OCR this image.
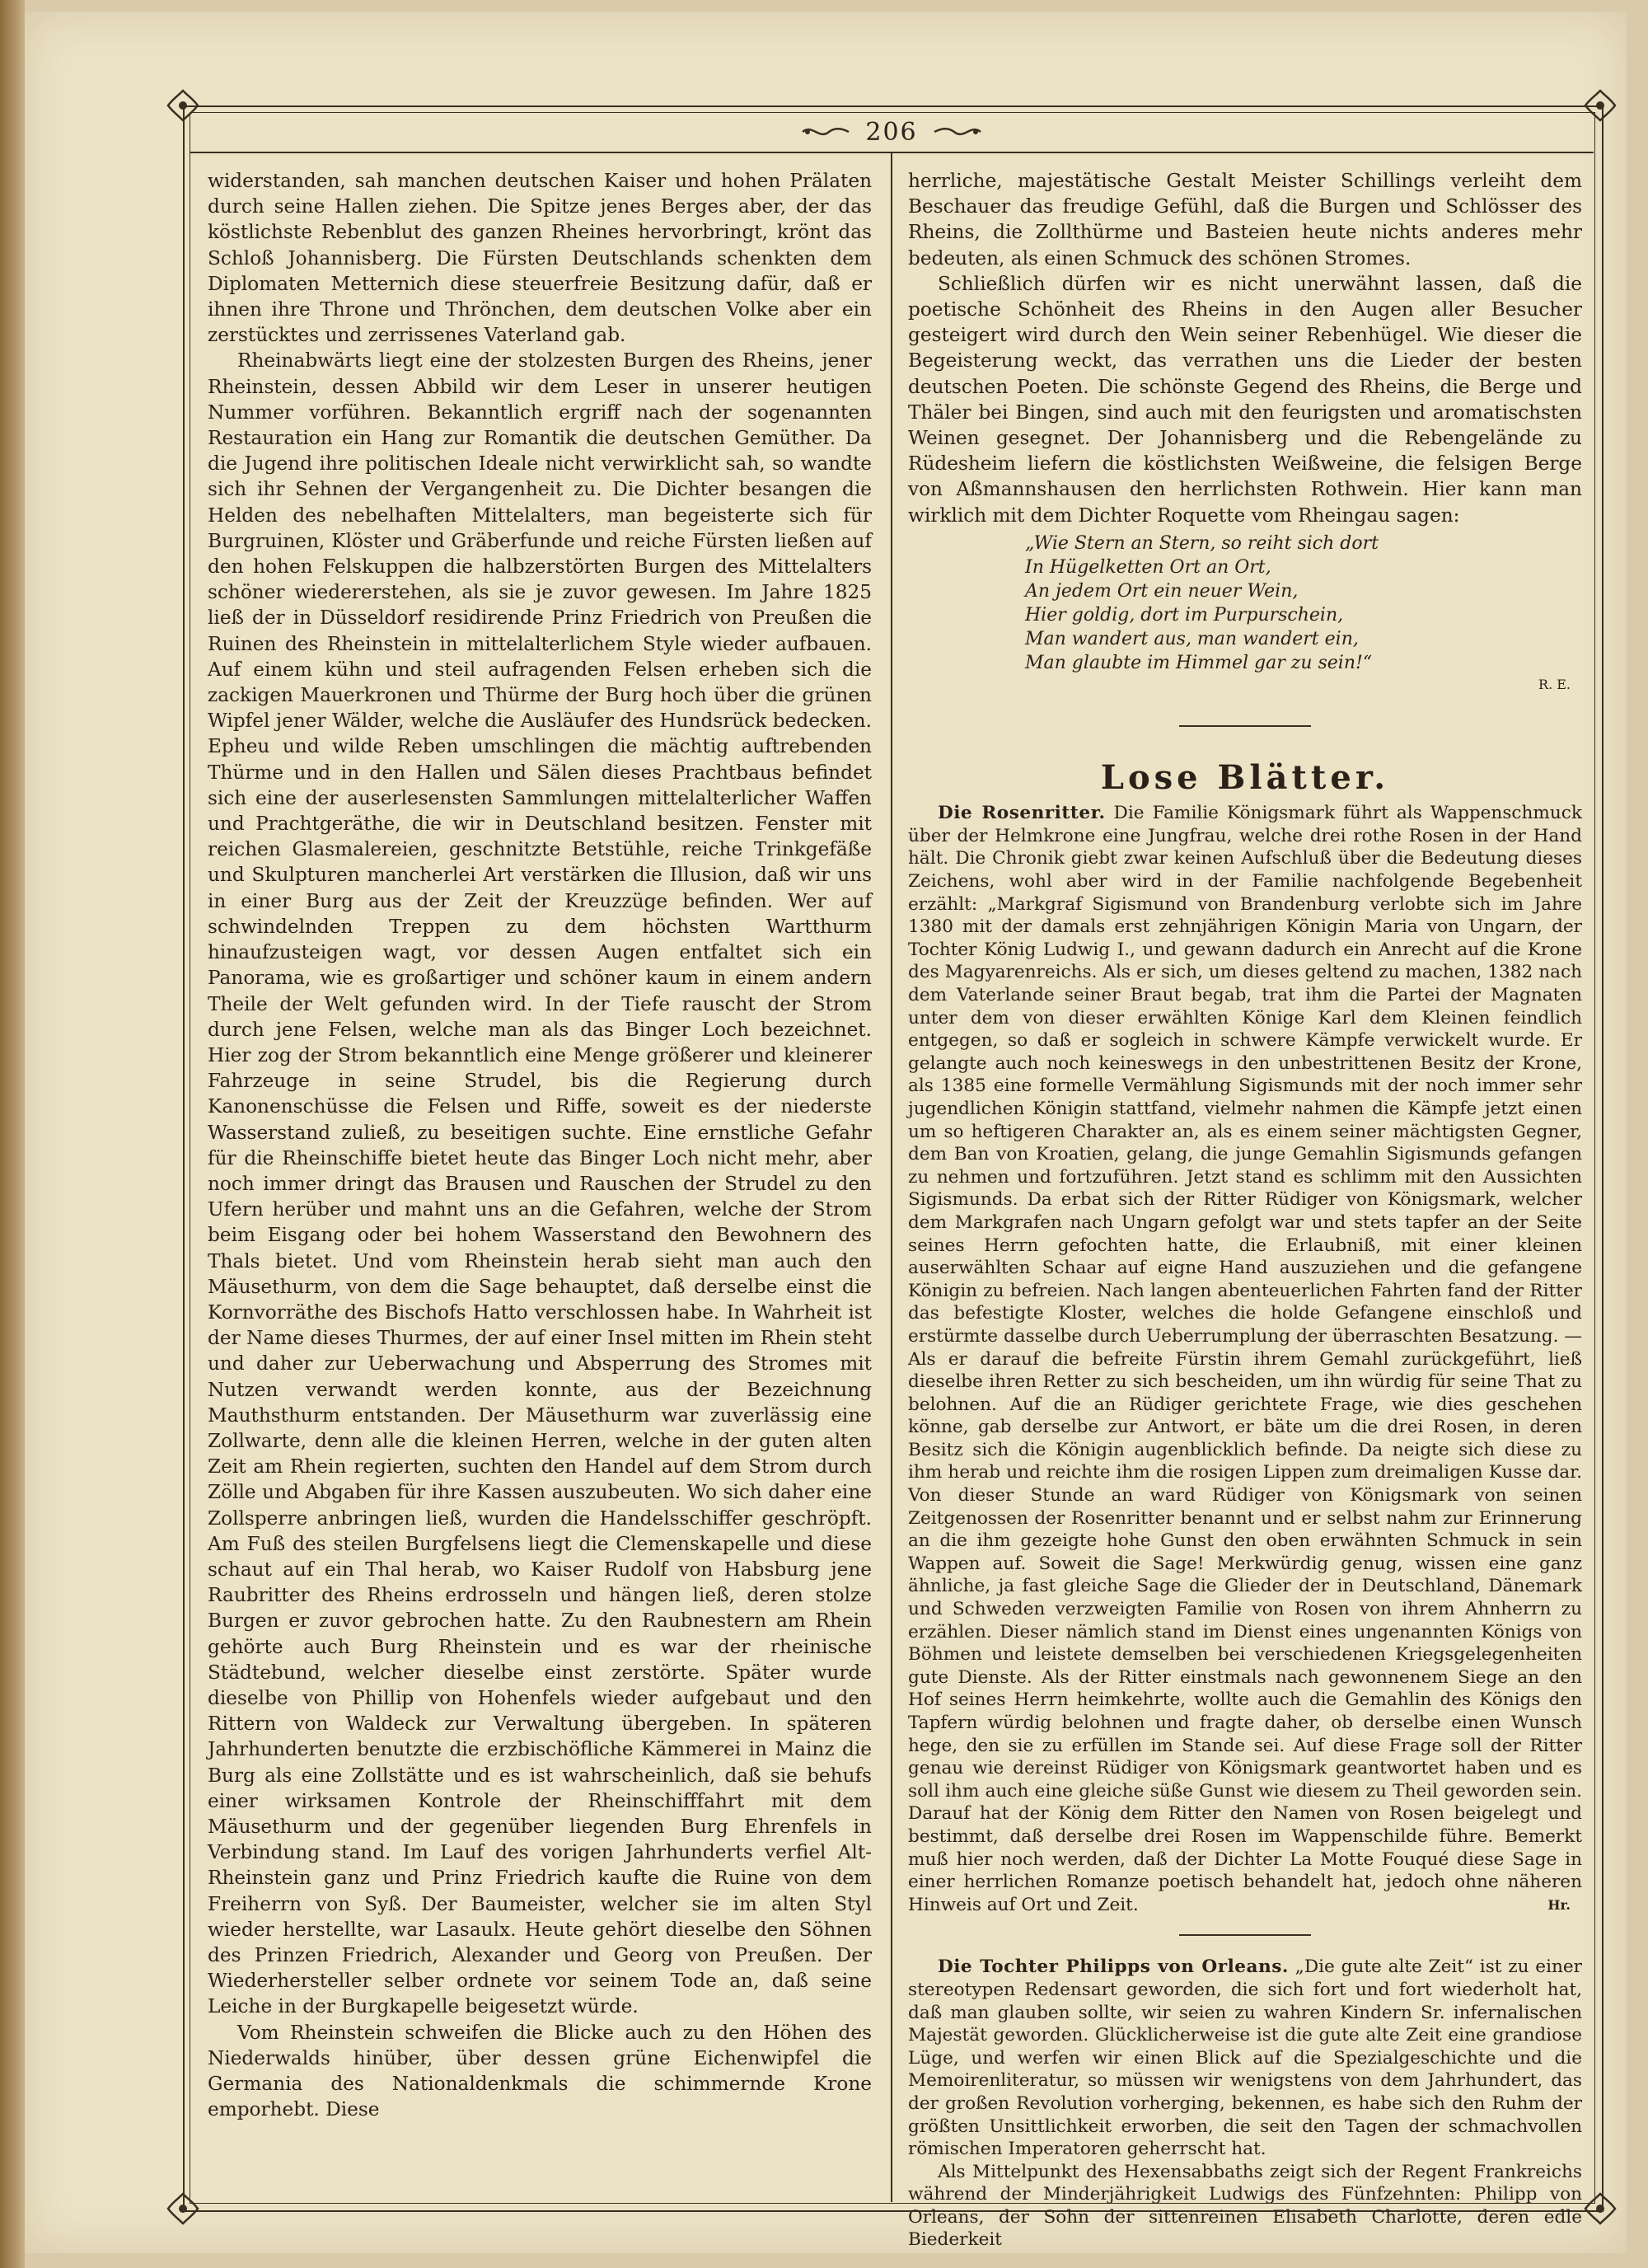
206

widerstanden, sah manchen deutschen Kaiser und hohen Prälaten durch seine Hallen ziehen. Die Spitze jenes Berges aber, der das köstlichste Rebenblut des ganzen Rheines hervorbringt, krönt das Schloß Johannisberg. Die Fürsten Deutschlands schenkten dem Diplomaten Metternich diese steuerfreie Besitzung dafür, daß er ihnen ihre Throne und Thrönchen, dem deutschen Volke aber ein zerstücktes und zerrissenes Vaterland gab.

Rheinabwärts liegt eine der stolzesten Burgen des Rheins, jener Rheinstein, dessen Abbild wir dem Leser in unserer heutigen Nummer vorführen. Bekanntlich ergriff nach der sogenannten Restauration ein Hang zur Romantik die deutschen Gemüther. Da die Jugend ihre politischen Ideale nicht verwirklicht sah, so wandte sich ihr Sehnen der Vergangenheit zu. Die Dichter besangen die Helden des nebelhaften Mittelalters, man begeisterte sich für Burgruinen, Klöster und Gräberfunde und reiche Fürsten ließen auf den hohen Felskuppen die halbzerstörten Burgen des Mittelalters schöner wiedererstehen, als sie je zuvor gewesen. Im Jahre 1825 ließ der in Düsseldorf residirende Prinz Friedrich von Preußen die Ruinen des Rheinstein in mittelalterlichem Style wieder aufbauen. Auf einem kühn und steil aufragenden Felsen erheben sich die zackigen Mauerkronen und Thürme der Burg hoch über die grünen Wipfel jener Wälder, welche die Ausläufer des Hundsrück bedecken. Epheu und wilde Reben umschlingen die mächtig auftrebenden Thürme und in den Hallen und Sälen dieses Prachtbaus befindet sich eine der auserlesensten Sammlungen mittelalterlicher Waffen und Prachtgeräthe, die wir in Deutschland besitzen. Fenster mit reichen Glasmalereien, geschnitzte Betstühle, reiche Trinkgefäße und Skulpturen mancherlei Art verstärken die Illusion, daß wir uns in einer Burg aus der Zeit der Kreuzzüge befinden. Wer auf schwindelnden Treppen zu dem höchsten Wartthurm hinaufzusteigen wagt, vor dessen Augen entfaltet sich ein Panorama, wie es großartiger und schöner kaum in einem andern Theile der Welt gefunden wird. In der Tiefe rauscht der Strom durch jene Felsen, welche man als das Binger Loch bezeichnet. Hier zog der Strom bekanntlich eine Menge größerer und kleinerer Fahrzeuge in seine Strudel, bis die Regierung durch Kanonenschüsse die Felsen und Riffe, soweit es der niederste Wasserstand zuließ, zu beseitigen suchte. Eine ernstliche Gefahr für die Rheinschiffe bietet heute das Binger Loch nicht mehr, aber noch immer dringt das Brausen und Rauschen der Strudel zu den Ufern herüber und mahnt uns an die Gefahren, welche der Strom beim Eisgang oder bei hohem Wasserstand den Bewohnern des Thals bietet. Und vom Rheinstein herab sieht man auch den Mäusethurm, von dem die Sage behauptet, daß derselbe einst die Kornvorräthe des Bischofs Hatto verschlossen habe. In Wahrheit ist der Name dieses Thurmes, der auf einer Insel mitten im Rhein steht und daher zur Ueberwachung und Absperrung des Stromes mit Nutzen verwandt werden konnte, aus der Bezeichnung Mauthsthurm entstanden. Der Mäusethurm war zuverlässig eine Zollwarte, denn alle die kleinen Herren, welche in der guten alten Zeit am Rhein regierten, suchten den Handel auf dem Strom durch Zölle und Abgaben für ihre Kassen auszubeuten. Wo sich daher eine Zollsperre anbringen ließ, wurden die Handelsschiffer geschröpft. Am Fuß des steilen Burgfelsens liegt die Clemenskapelle und diese schaut auf ein Thal herab, wo Kaiser Rudolf von Habsburg jene Raubritter des Rheins erdrosseln und hängen ließ, deren stolze Burgen er zuvor gebrochen hatte. Zu den Raubnestern am Rhein gehörte auch Burg Rheinstein und es war der rheinische Städtebund, welcher dieselbe einst zerstörte. Später wurde dieselbe von Phillip von Hohenfels wieder aufgebaut und den Rittern von Waldeck zur Verwaltung übergeben. In späteren Jahrhunderten benutzte die erzbischöfliche Kämmerei in Mainz die Burg als eine Zollstätte und es ist wahrscheinlich, daß sie behufs einer wirksamen Kontrole der Rheinschifffahrt mit dem Mäusethurm und der gegenüber liegenden Burg Ehrenfels in Verbindung stand. Im Lauf des vorigen Jahrhunderts verfiel Alt-Rheinstein ganz und Prinz Friedrich kaufte die Ruine von dem Freiherrn von Syß. Der Baumeister, welcher sie im alten Styl wieder herstellte, war Lasaulx. Heute gehört dieselbe den Söhnen des Prinzen Friedrich, Alexander und Georg von Preußen. Der Wiederhersteller selber ordnete vor seinem Tode an, daß seine Leiche in der Burgkapelle beigesetzt würde.

Vom Rheinstein schweifen die Blicke auch zu den Höhen des Niederwalds hinüber, über dessen grüne Eichenwipfel die Germania des Nationaldenkmals die schimmernde Krone emporhebt. Diese

herrliche, majestätische Gestalt Meister Schillings verleiht dem Beschauer das freudige Gefühl, daß die Burgen und Schlösser des Rheins, die Zollthürme und Basteien heute nichts anderes mehr bedeuten, als einen Schmuck des schönen Stromes.

Schließlich dürfen wir es nicht unerwähnt lassen, daß die poetische Schönheit des Rheins in den Augen aller Besucher gesteigert wird durch den Wein seiner Rebenhügel. Wie dieser die Begeisterung weckt, das verrathen uns die Lieder der besten deutschen Poeten. Die schönste Gegend des Rheins, die Berge und Thäler bei Bingen, sind auch mit den feurigsten und aromatischsten Weinen gesegnet. Der Johannisberg und die Rebengelände zu Rüdesheim liefern die köstlichsten Weißweine, die felsigen Berge von Aßmannshausen den herrlichsten Rothwein. Hier kann man wirklich mit dem Dichter Roquette vom Rheingau sagen:

„Wie Stern an Stern, so reiht sich dort
In Hügelketten Ort an Ort,
An jedem Ort ein neuer Wein,
Hier goldig, dort im Purpurschein,
Man wandert aus, man wandert ein,
Man glaubte im Himmel gar zu sein!“
R. E.
Lose Blätter.

Die Rosenritter. Die Familie Königsmark führt als Wappenschmuck über der Helmkrone eine Jungfrau, welche drei rothe Rosen in der Hand hält. Die Chronik giebt zwar keinen Aufschluß über die Bedeutung dieses Zeichens, wohl aber wird in der Familie nachfolgende Begebenheit erzählt: „Markgraf Sigismund von Brandenburg verlobte sich im Jahre 1380 mit der damals erst zehnjährigen Königin Maria von Ungarn, der Tochter König Ludwig I., und gewann dadurch ein Anrecht auf die Krone des Magyarenreichs. Als er sich, um dieses geltend zu machen, 1382 nach dem Vaterlande seiner Braut begab, trat ihm die Partei der Magnaten unter dem von dieser erwählten Könige Karl dem Kleinen feindlich entgegen, so daß er sogleich in schwere Kämpfe verwickelt wurde. Er gelangte auch noch keineswegs in den unbestrittenen Besitz der Krone, als 1385 eine formelle Vermählung Sigismunds mit der noch immer sehr jugendlichen Königin stattfand, vielmehr nahmen die Kämpfe jetzt einen um so heftigeren Charakter an, als es einem seiner mächtigsten Gegner, dem Ban von Kroatien, gelang, die junge Gemahlin Sigismunds gefangen zu nehmen und fortzuführen. Jetzt stand es schlimm mit den Aussichten Sigismunds. Da erbat sich der Ritter Rüdiger von Königsmark, welcher dem Markgrafen nach Ungarn gefolgt war und stets tapfer an der Seite seines Herrn gefochten hatte, die Erlaubniß, mit einer kleinen auserwählten Schaar auf eigne Hand auszuziehen und die gefangene Königin zu befreien. Nach langen abenteuerlichen Fahrten fand der Ritter das befestigte Kloster, welches die holde Gefangene einschloß und erstürmte dasselbe durch Ueberrumplung der überraschten Besatzung. — Als er darauf die befreite Fürstin ihrem Gemahl zurückgeführt, ließ dieselbe ihren Retter zu sich bescheiden, um ihn würdig für seine That zu belohnen. Auf die an Rüdiger gerichtete Frage, wie dies geschehen könne, gab derselbe zur Antwort, er bäte um die drei Rosen, in deren Besitz sich die Königin augenblicklich befinde. Da neigte sich diese zu ihm herab und reichte ihm die rosigen Lippen zum dreimaligen Kusse dar. Von dieser Stunde an ward Rüdiger von Königsmark von seinen Zeitgenossen der Rosenritter benannt und er selbst nahm zur Erinnerung an die ihm gezeigte hohe Gunst den oben erwähnten Schmuck in sein Wappen auf. Soweit die Sage! Merkwürdig genug, wissen eine ganz ähnliche, ja fast gleiche Sage die Glieder der in Deutschland, Dänemark und Schweden verzweigten Familie von Rosen von ihrem Ahnherrn zu erzählen. Dieser nämlich stand im Dienst eines ungenannten Königs von Böhmen und leistete demselben bei verschiedenen Kriegsgelegenheiten gute Dienste. Als der Ritter einstmals nach gewonnenem Siege an den Hof seines Herrn heimkehrte, wollte auch die Gemahlin des Königs den Tapfern würdig belohnen und fragte daher, ob derselbe einen Wunsch hege, den sie zu erfüllen im Stande sei. Auf diese Frage soll der Ritter genau wie dereinst Rüdiger von Königsmark geantwortet haben und es soll ihm auch eine gleiche süße Gunst wie diesem zu Theil geworden sein. Darauf hat der König dem Ritter den Namen von Rosen beigelegt und bestimmt, daß derselbe drei Rosen im Wappenschilde führe. Bemerkt muß hier noch werden, daß der Dichter La Motte Fouqué diese Sage in einer herrlichen Romanze poetisch behandelt hat, jedoch ohne näheren Hinweis auf Ort und Zeit.	Hr.

Die Tochter Philipps von Orleans. „Die gute alte Zeit“ ist zu einer stereotypen Redensart geworden, die sich fort und fort wiederholt hat, daß man glauben sollte, wir seien zu wahren Kindern Sr. infernalischen Majestät geworden. Glücklicherweise ist die gute alte Zeit eine grandiose Lüge, und werfen wir einen Blick auf die Spezialgeschichte und die Memoirenliteratur, so müssen wir wenigstens von dem Jahrhundert, das der großen Revolution vorherging, bekennen, es habe sich den Ruhm der größten Unsittlichkeit erworben, die seit den Tagen der schmachvollen römischen Imperatoren geherrscht hat.

Als Mittelpunkt des Hexensabbaths zeigt sich der Regent Frankreichs während der Minderjährigkeit Ludwigs des Fünfzehnten: Philipp von Orleans, der Sohn der sittenreinen Elisabeth Charlotte, deren edle Biederkeit
